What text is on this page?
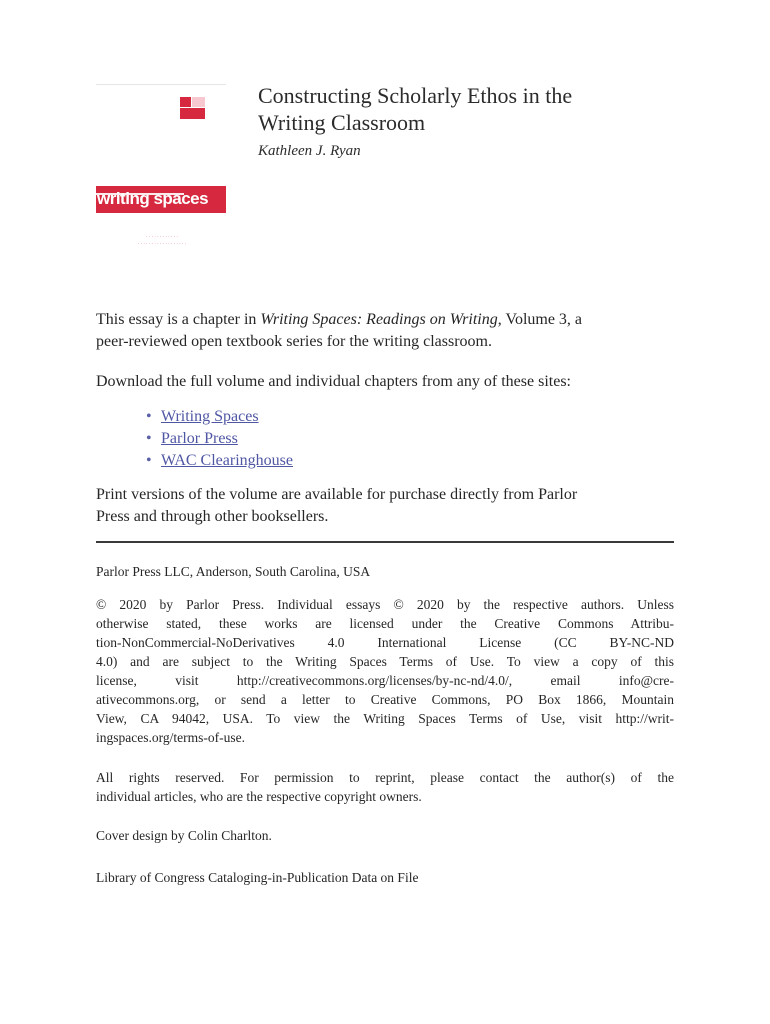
Constructing Scholarly Ethos in the
Writing Classroom

Kathleen J. Ryan

writing spaces
· · · · · · · · ·
· · · · · · · · · · · ·
· · · · · · · · · · · · · · · · · ·

This essay is a chapter in Writing Spaces: Readings on Writing, Volume 3, a
peer-reviewed open textbook series for the writing classroom.

Download the full volume and individual chapters from any of these sites:

• Writing Spaces
• Parlor Press
• WAC Clearinghouse

Print versions of the volume are available for purchase directly from Parlor
Press and through other booksellers.

Parlor Press LLC, Anderson, South Carolina, USA

© 2020 by Parlor Press. Individual essays © 2020 by the respective authors. Unless
otherwise stated, these works are licensed under the Creative Commons Attribu-
tion-NonCommercial-NoDerivatives 4.0 International License (CC BY-NC-ND
4.0) and are subject to the Writing Spaces Terms of Use. To view a copy of this
license, visit http://creativecommons.org/licenses/by-nc-nd/4.0/, email info@cre-
ativecommons.org, or send a letter to Creative Commons, PO Box 1866, Mountain
View, CA 94042, USA. To view the Writing Spaces Terms of Use, visit http://writ-
ingspaces.org/terms-of-use.

All rights reserved. For permission to reprint, please contact the author(s) of the
individual articles, who are the respective copyright owners.

Cover design by Colin Charlton.

Library of Congress Cataloging-in-Publication Data on File
